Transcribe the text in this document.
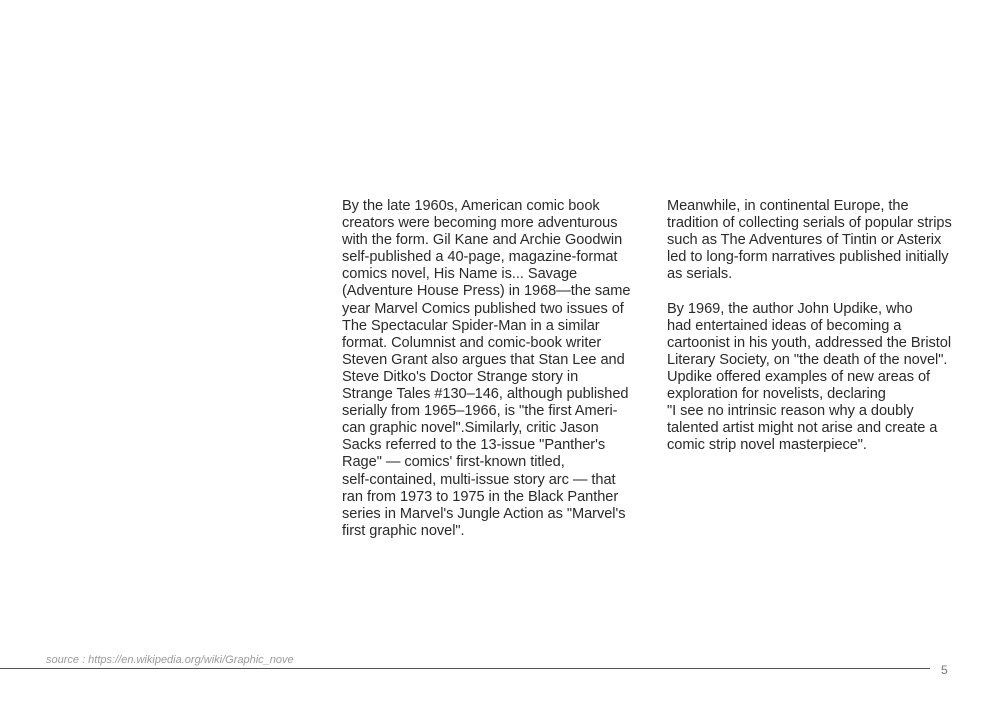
By the late 1960s, American comic book
creators were becoming more adventurous
with the form. Gil Kane and Archie Goodwin
self-published a 40-page, magazine-format
comics novel, His Name is... Savage
(Adventure House Press) in 1968—the same
year Marvel Comics published two issues of
The Spectacular Spider-Man in a similar
format. Columnist and comic-book writer
Steven Grant also argues that Stan Lee and
Steve Ditko's Doctor Strange story in
Strange Tales #130–146, although published
serially from 1965–1966, is "the first Ameri-
can graphic novel".Similarly, critic Jason
Sacks referred to the 13-issue "Panther's
Rage" — comics' first-known titled,
self-contained, multi-issue story arc — that
ran from 1973 to 1975 in the Black Panther
series in Marvel's Jungle Action as "Marvel's
first graphic novel".
Meanwhile, in continental Europe, the
tradition of collecting serials of popular strips
such as The Adventures of Tintin or Asterix
led to long-form narratives published initially
as serials.
By 1969, the author John Updike, who
had entertained ideas of becoming a
cartoonist in his youth, addressed the Bristol
Literary Society, on "the death of the novel".
Updike offered examples of new areas of
exploration for novelists, declaring
"I see no intrinsic reason why a doubly
talented artist might not arise and create a
comic strip novel masterpiece".
source : https://en.wikipedia.org/wiki/Graphic_nove
5
